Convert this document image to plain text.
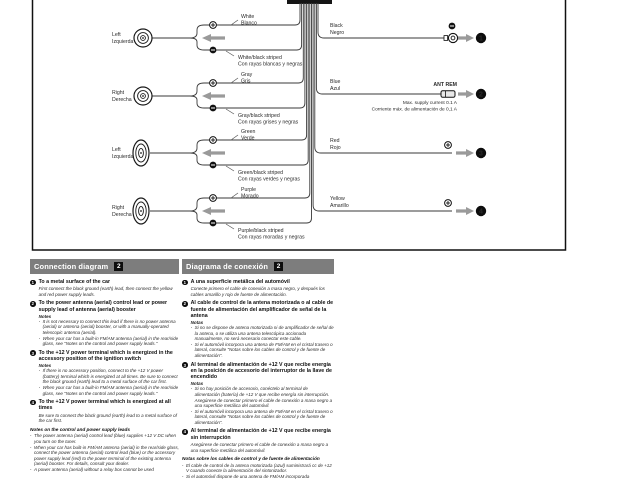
1
2
3
4
Left
Izquierda
Right
Derecha
Left
Izquierda
Right
Derecha
White
Blanco
Gray
Gris
Green
Verde
Purple
Morado
White/black striped
Con rayas blancas y negras
Gray/black striped
Con rayas grises y negras
Green/black striped
Con rayas verdes y negras
Purple/black striped
Con rayas moradas y negras
Black
Negro
Blue
Azul
Red
Rojo
Yellow
Amarillo
ANT REM
Max. supply current 0.1 A
Corriente máx. de alimentación de 0,1 A
Connection diagram	2
1 To a metal surface of the car
First connect the black ground (earth) lead, then connect the yellow and red power supply leads.
2 To the power antenna (aerial) control lead or power supply lead of antenna (aerial) booster
Notes
· It is not necessary to connect this lead if there is no power antenna (aerial) or antenna (aerial) booster, or with a manually-operated telescopic antenna (aerial).
· When your car has a built-in FM/AM antenna (aerial) in the rear/side glass, see "Notes on the control and power supply leads."
3 To the +12 V power terminal which is energized in the accessory position of the ignition switch
Notes
· If there is no accessory position, connect to the +12 V power (battery) terminal which is energized at all times. Be sure to connect the black ground (earth) lead to a metal surface of the car first.
· When your car has a built-in FM/AM antenna (aerial) in the rear/side glass, see "Notes on the control and power supply leads."
4 To the +12 V power terminal which is energized at all times
Be sure to connect the black ground (earth) lead to a metal surface of the car first.
Notes on the control and power supply leads
· The power antenna (aerial) control lead (blue) supplies +12 V DC when you turn on the tuner.
· When your car has built-in FM/AM antenna (aerial) in the rear/side glass, connect the power antenna (aerial) control lead (blue) or the accessory power supply lead (red) to the power terminal of the existing antenna (aerial) booster. For details, consult your dealer.
· A power antenna (aerial) without a relay box cannot be used
Diagrama de conexión	2
1 A una superficie metálica del automóvil
Conecte primero el cable de conexión a masa negro, y después los cables amarillo y rojo de fuente de alimentación.
2 Al cable de control de la antena motorizada o al cable de fuente de alimentación del amplificador de señal de la antena
Notas
· Si no se dispone de antena motorizada ni de amplificador de señal de la antena, o se utiliza una antena telescópica accionada manualmente, no será necesario conectar este cable.
· Si el automóvil incorpora una antena de FM/AM en el cristal trasero o lateral, consulte "Notas sobre los cables de control y de fuente de alimentación".
3 Al terminal de alimentación de +12 V que recibe energía en la posición de accesorio del interruptor de la llave de encendido
Notas
· Si no hay posición de accesorio, conéctelo al terminal de alimentación (batería) de +12 V que recibe energía sin interrupción. Asegúrese de conectar primero el cable de conexión a masa negro a una superficie metálica del automóvil.
· Si el automóvil incorpora una antena de FM/AM en el cristal trasero o lateral, consulte "Notas sobre los cables de control y de fuente de alimentación".
4 Al terminal de alimentación de +12 V que recibe energía sin interrupción
Asegúrese de conectar primero el cable de conexión a masa negro a una superficie metálica del automóvil.
Notas sobre los cables de control y de fuente de alimentación
· El cable de control de la antena motorizada (azul) suministrará cc de +12 V cuando conecte la alimentación del sintonizador.
· Si el automóvil dispone de una antena de FM/AM incorporada
